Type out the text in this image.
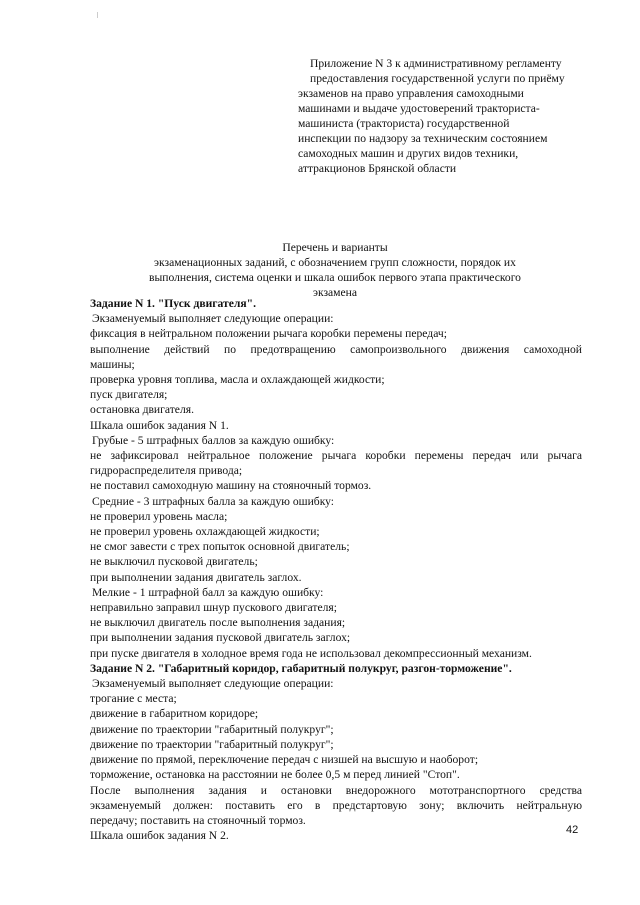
Приложение N 3 к административному регламенту
предоставления государственной услуги по приёму
экзаменов на право управления самоходными
машинами и выдаче удостоверений тракториста-
машиниста (тракториста) государственной
инспекции по надзору за техническим состоянием
самоходных машин и других видов техники,
аттракционов Брянской области
Перечень и варианты
экзаменационных заданий, с обозначением групп сложности, порядок их
выполнения, система оценки и шкала ошибок первого этапа практического
экзамена
Задание N 1. "Пуск двигателя".
Экзаменуемый выполняет следующие операции:
фиксация в нейтральном положении рычага коробки перемены передач;
выполнение действий по предотвращению самопроизвольного движения самоходной
машины;
проверка уровня топлива, масла и охлаждающей жидкости;
пуск двигателя;
остановка двигателя.
Шкала ошибок задания N 1.
Грубые - 5 штрафных баллов за каждую ошибку:
не зафиксировал нейтральное положение рычага коробки перемены передач или рычага
гидрораспределителя привода;
не поставил самоходную машину на стояночный тормоз.
Средние - 3 штрафных балла за каждую ошибку:
не проверил уровень масла;
не проверил уровень охлаждающей жидкости;
не смог завести с трех попыток основной двигатель;
не выключил пусковой двигатель;
при выполнении задания двигатель заглох.
Мелкие - 1 штрафной балл за каждую ошибку:
неправильно заправил шнур пускового двигателя;
не выключил двигатель после выполнения задания;
при выполнении задания пусковой двигатель заглох;
при пуске двигателя в холодное время года не использовал декомпрессионный механизм.
Задание N 2. "Габаритный коридор, габаритный полукруг, разгон-торможение".
Экзаменуемый выполняет следующие операции:
трогание с места;
движение в габаритном коридоре;
движение по траектории "габаритный полукруг";
движение по траектории "габаритный полукруг";
движение по прямой, переключение передач с низшей на высшую и наоборот;
торможение, остановка на расстоянии не более 0,5 м перед линией "Стоп".
После выполнения задания и остановки внедорожного мототранспортного средства
экзаменуемый должен: поставить его в предстартовую зону; включить нейтральную
передачу; поставить на стояночный тормоз.
Шкала ошибок задания N 2.	42
